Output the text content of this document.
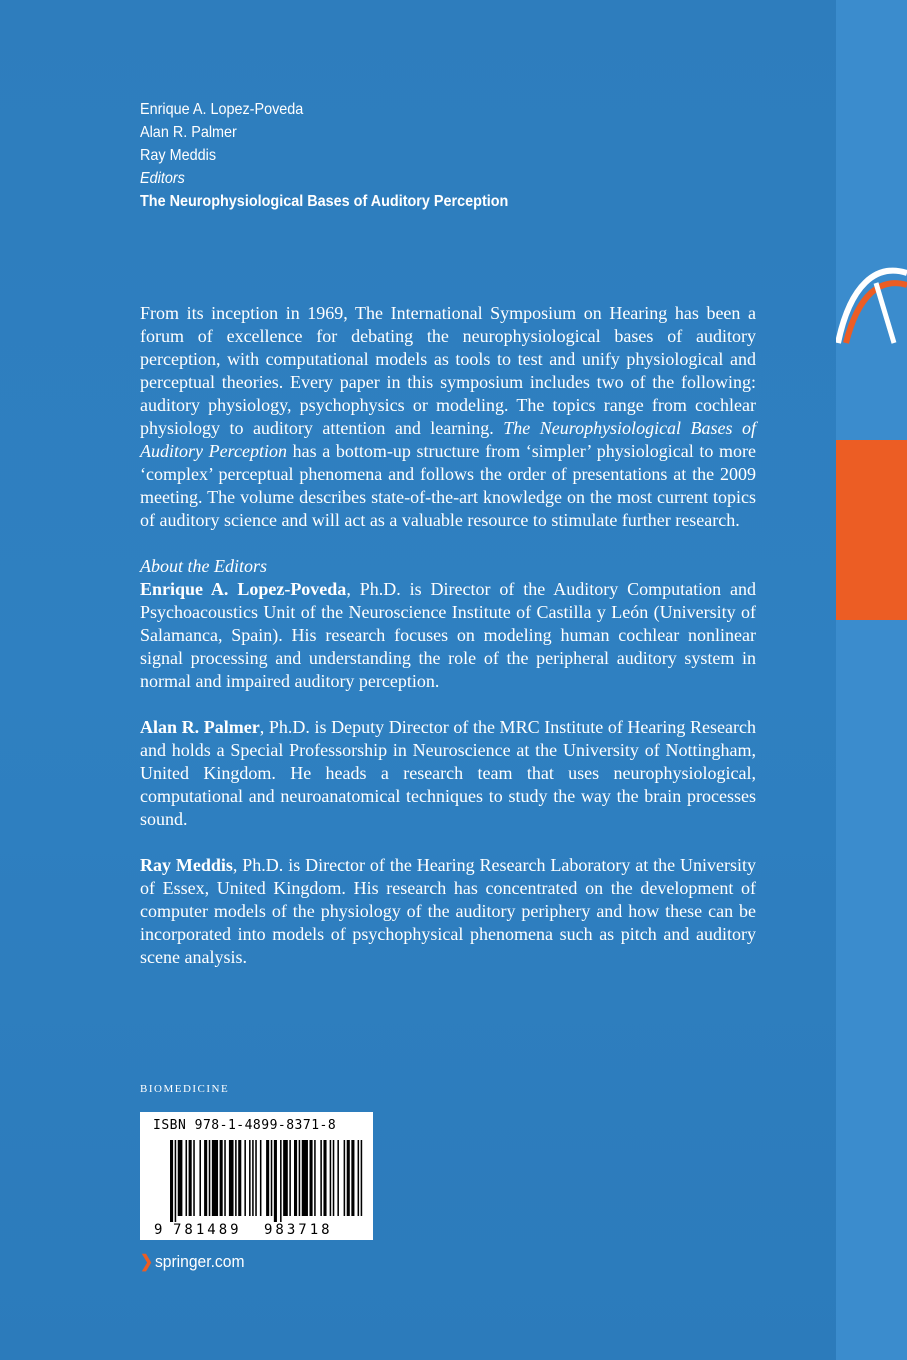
Enrique A. Lopez-Poveda
Alan R. Palmer
Ray Meddis
Editors
The Neurophysiological Bases of Auditory Perception

From its inception in 1969, The International Symposium on Hearing has been a forum of excellence for debating the neurophysiological bases of auditory perception, with computational models as tools to test and unify physiological and perceptual theories. Every paper in this symposium includes two of the following: auditory physiology, psychophysics or modeling. The topics range from cochlear physiology to auditory attention and learning. The Neurophysiological Bases of Auditory Perception has a bottom-up structure from ‘simpler’ physiological to more ‘complex’ perceptual phenomena and follows the order of presentations at the 2009 meeting. The volume describes state-of-the-art knowledge on the most current topics of auditory science and will act as a valuable resource to stimulate further research.

About the Editors

Enrique A. Lopez-Poveda, Ph.D. is Director of the Auditory Computation and Psychoacoustics Unit of the Neuroscience Institute of Castilla y León (University of Salamanca, Spain). His research focuses on modeling human cochlear nonlinear signal processing and understanding the role of the peripheral auditory system in normal and impaired auditory perception.

Alan R. Palmer, Ph.D. is Deputy Director of the MRC Institute of Hearing Research and holds a Special Professorship in Neuroscience at the University of Nottingham, United Kingdom. He heads a research team that uses neurophysiological, computational and neuroanatomical techniques to study the way the brain processes sound.

Ray Meddis, Ph.D. is Director of the Hearing Research Laboratory at the University of Essex, United Kingdom. His research has concentrated on the development of computer models of the physiology of the auditory periphery and how these can be incorporated into models of psychophysical phenomena such as pitch and auditory scene analysis.

BIOMEDICINE
ISBN 978-1-4899-8371-8
9 781489 983718
❯ springer.com
